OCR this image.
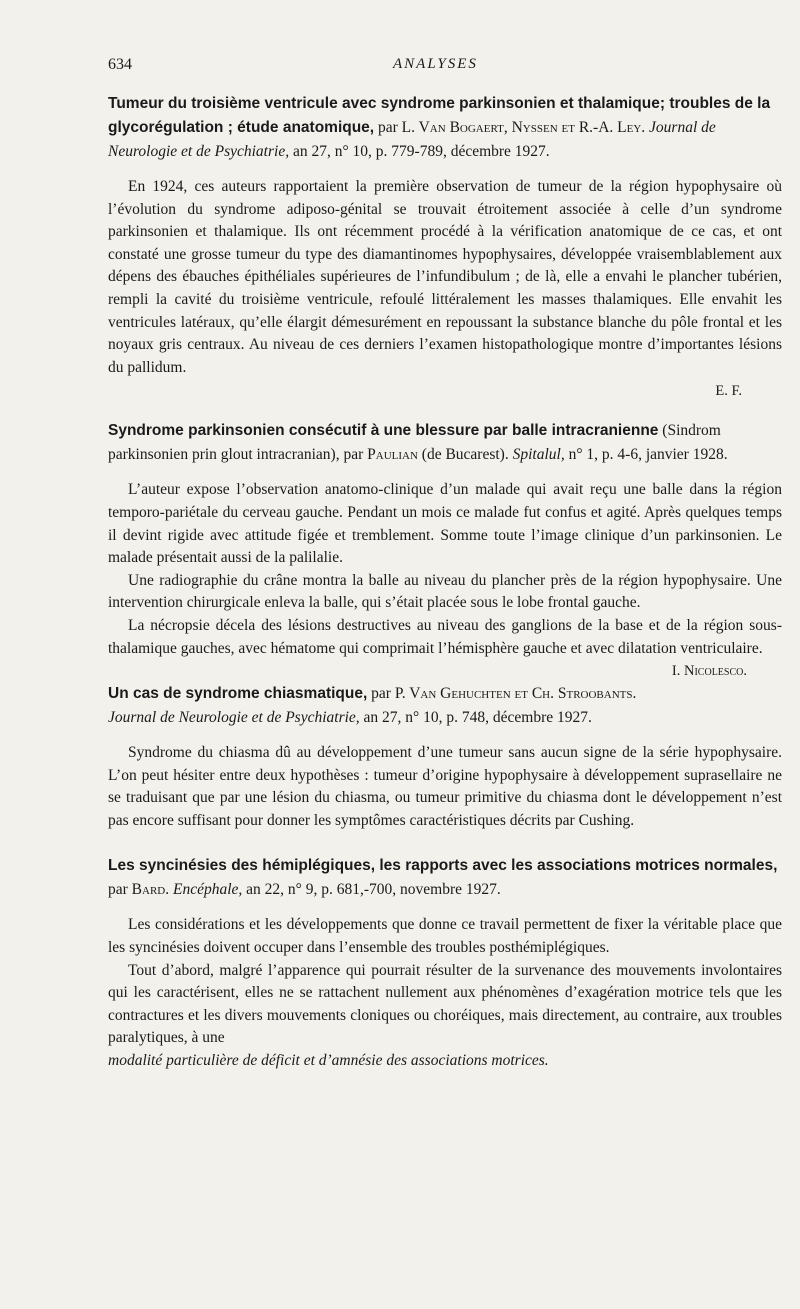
634	ANALYSES

Tumeur du troisième ventricule avec syndrome parkinsonien et thalamique; troubles de la glycorégulation ; étude anatomique, par L. Van Bogaert, Nyssen et R.-A. Ley. Journal de Neurologie et de Psychiatrie, an 27, n° 10, p. 779-789, décembre 1927.

En 1924, ces auteurs rapportaient la première observation de tumeur de la région hypophysaire où l’évolution du syndrome adiposo-génital se trouvait étroitement associée à celle d’un syndrome parkinsonien et thalamique. Ils ont récemment procédé à la vérification anatomique de ce cas, et ont constaté une grosse tumeur du type des diamantinomes hypophysaires, développée vraisemblablement aux dépens des ébauches épithéliales supérieures de l’infundibulum ; de là, elle a envahi le plancher tubérien, rempli la cavité du troisième ventricule, refoulé littéralement les masses thalamiques. Elle envahit les ventricules latéraux, qu’elle élargit démesurément en repoussant la substance blanche du pôle frontal et les noyaux gris centraux. Au niveau de ces derniers l’examen histopathologique montre d’importantes lésions du pallidum.

E. F.

Syndrome parkinsonien consécutif à une blessure par balle intracranienne (Sindrom parkinsonien prin glout intracranian), par Paulian (de Bucarest). Spitalul, n° 1, p. 4-6, janvier 1928.

L’auteur expose l’observation anatomo-clinique d’un malade qui avait reçu une balle dans la région temporo-pariétale du cerveau gauche. Pendant un mois ce malade fut confus et agité. Après quelques temps il devint rigide avec attitude figée et tremblement. Somme toute l’image clinique d’un parkinsonien. Le malade présentait aussi de la palilalie.

Une radiographie du crâne montra la balle au niveau du plancher près de la région hypophysaire. Une intervention chirurgicale enleva la balle, qui s’était placée sous le lobe frontal gauche.

La nécropsie décela des lésions destructives au niveau des ganglions de la base et de la région sous-thalamique gauches, avec hématome qui comprimait l’hémisphère gauche et avec dilatation ventriculaire.
I. Nicolesco.

Un cas de syndrome chiasmatique, par P. Van Gehuchten et Ch. Stroobants. Journal de Neurologie et de Psychiatrie, an 27, n° 10, p. 748, décembre 1927.

Syndrome du chiasma dû au développement d’une tumeur sans aucun signe de la série hypophysaire. L’on peut hésiter entre deux hypothèses : tumeur d’origine hypophysaire à développement suprasellaire ne se traduisant que par une lésion du chiasma, ou tumeur primitive du chiasma dont le développement n’est pas encore suffisant pour donner les symptômes caractéristiques décrits par Cushing.

Les syncinésies des hémiplégiques, les rapports avec les associations motrices normales, par Bard. Encéphale, an 22, n° 9, p. 681,-700, novembre 1927.

Les considérations et les développements que donne ce travail permettent de fixer la véritable place que les syncinésies doivent occuper dans l’ensemble des troubles posthémiplégiques.

Tout d’abord, malgré l’apparence qui pourrait résulter de la survenance des mouvements involontaires qui les caractérisent, elles ne se rattachent nullement aux phénomènes d’exagération motrice tels que les contractures et les divers mouvements cloniques ou choréiques, mais directement, au contraire, aux troubles paralytiques, à une

modalité particulière de déficit et d’amnésie des associations motrices.
